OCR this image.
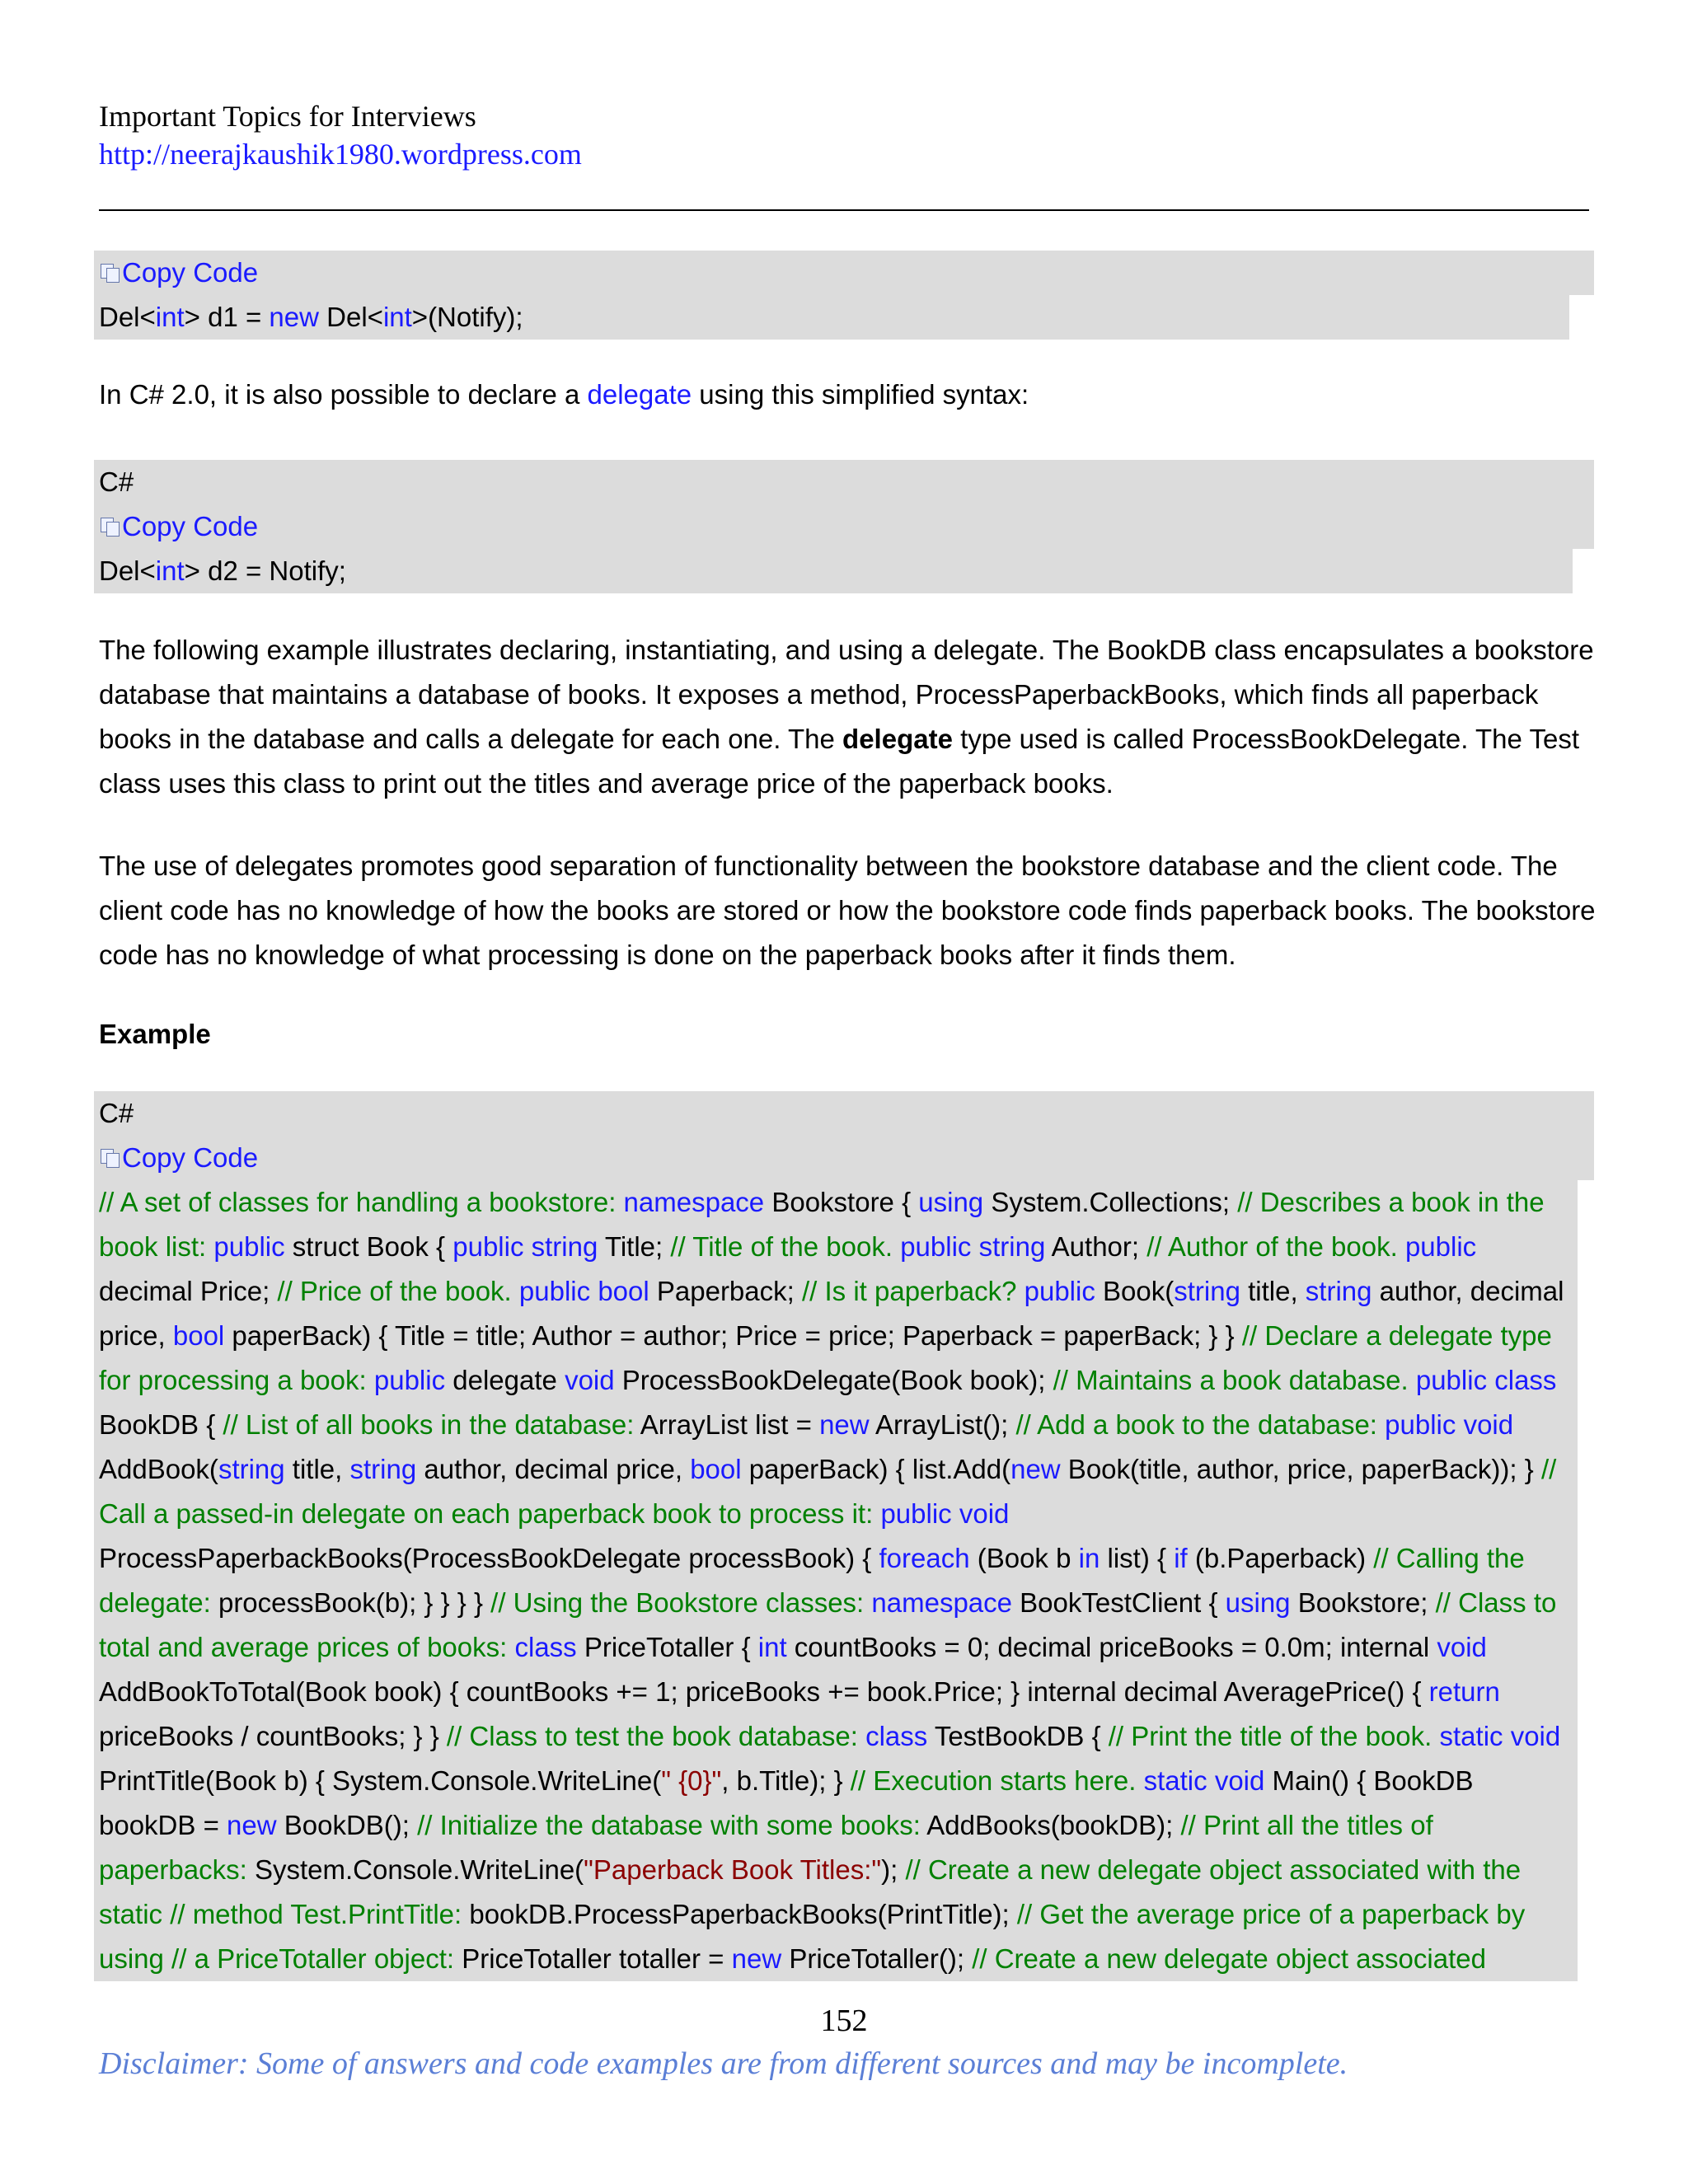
Important Topics for Interviews
http://neerajkaushik1980.wordpress.com
Copy Code
Del<int> d1 = new Del<int>(Notify);
In C# 2.0, it is also possible to declare a delegate using this simplified syntax:
C#
Copy Code
Del<int> d2 = Notify;
The following example illustrates declaring, instantiating, and using a delegate. The BookDB class encapsulates a bookstore database that maintains a database of books. It exposes a method, ProcessPaperbackBooks, which finds all paperback books in the database and calls a delegate for each one. The delegate type used is called ProcessBookDelegate. The Test class uses this class to print out the titles and average price of the paperback books.
The use of delegates promotes good separation of functionality between the bookstore database and the client code. The client code has no knowledge of how the books are stored or how the bookstore code finds paperback books. The bookstore code has no knowledge of what processing is done on the paperback books after it finds them.
Example
C#
Copy Code
// A set of classes for handling a bookstore: namespace Bookstore { using System.Collections; // Describes a book in the book list: public struct Book { public string Title; // Title of the book. public string Author; // Author of the book. public decimal Price; // Price of the book. public bool Paperback; // Is it paperback? public Book(string title, string author, decimal price, bool paperBack) { Title = title; Author = author; Price = price; Paperback = paperBack; } } // Declare a delegate type for processing a book: public delegate void ProcessBookDelegate(Book book); // Maintains a book database. public class BookDB { // List of all books in the database: ArrayList list = new ArrayList(); // Add a book to the database: public void AddBook(string title, string author, decimal price, bool paperBack) { list.Add(new Book(title, author, price, paperBack)); } // Call a passed-in delegate on each paperback book to process it: public void ProcessPaperbackBooks(ProcessBookDelegate processBook) { foreach (Book b in list) { if (b.Paperback) // Calling the delegate: processBook(b); } } } } // Using the Bookstore classes: namespace BookTestClient { using Bookstore; // Class to total and average prices of books: class PriceTotaller { int countBooks = 0; decimal priceBooks = 0.0m; internal void AddBookToTotal(Book book) { countBooks += 1; priceBooks += book.Price; } internal decimal AveragePrice() { return priceBooks / countBooks; } } // Class to test the book database: class TestBookDB { // Print the title of the book. static void PrintTitle(Book b) { System.Console.WriteLine(" {0}", b.Title); } // Execution starts here. static void Main() { BookDB bookDB = new BookDB(); // Initialize the database with some books: AddBooks(bookDB); // Print all the titles of paperbacks: System.Console.WriteLine("Paperback Book Titles:"); // Create a new delegate object associated with the static // method Test.PrintTitle: bookDB.ProcessPaperbackBooks(PrintTitle); // Get the average price of a paperback by using // a PriceTotaller object: PriceTotaller totaller = new PriceTotaller(); // Create a new delegate object associated
152
Disclaimer: Some of answers and code examples are from different sources and may be incomplete.
